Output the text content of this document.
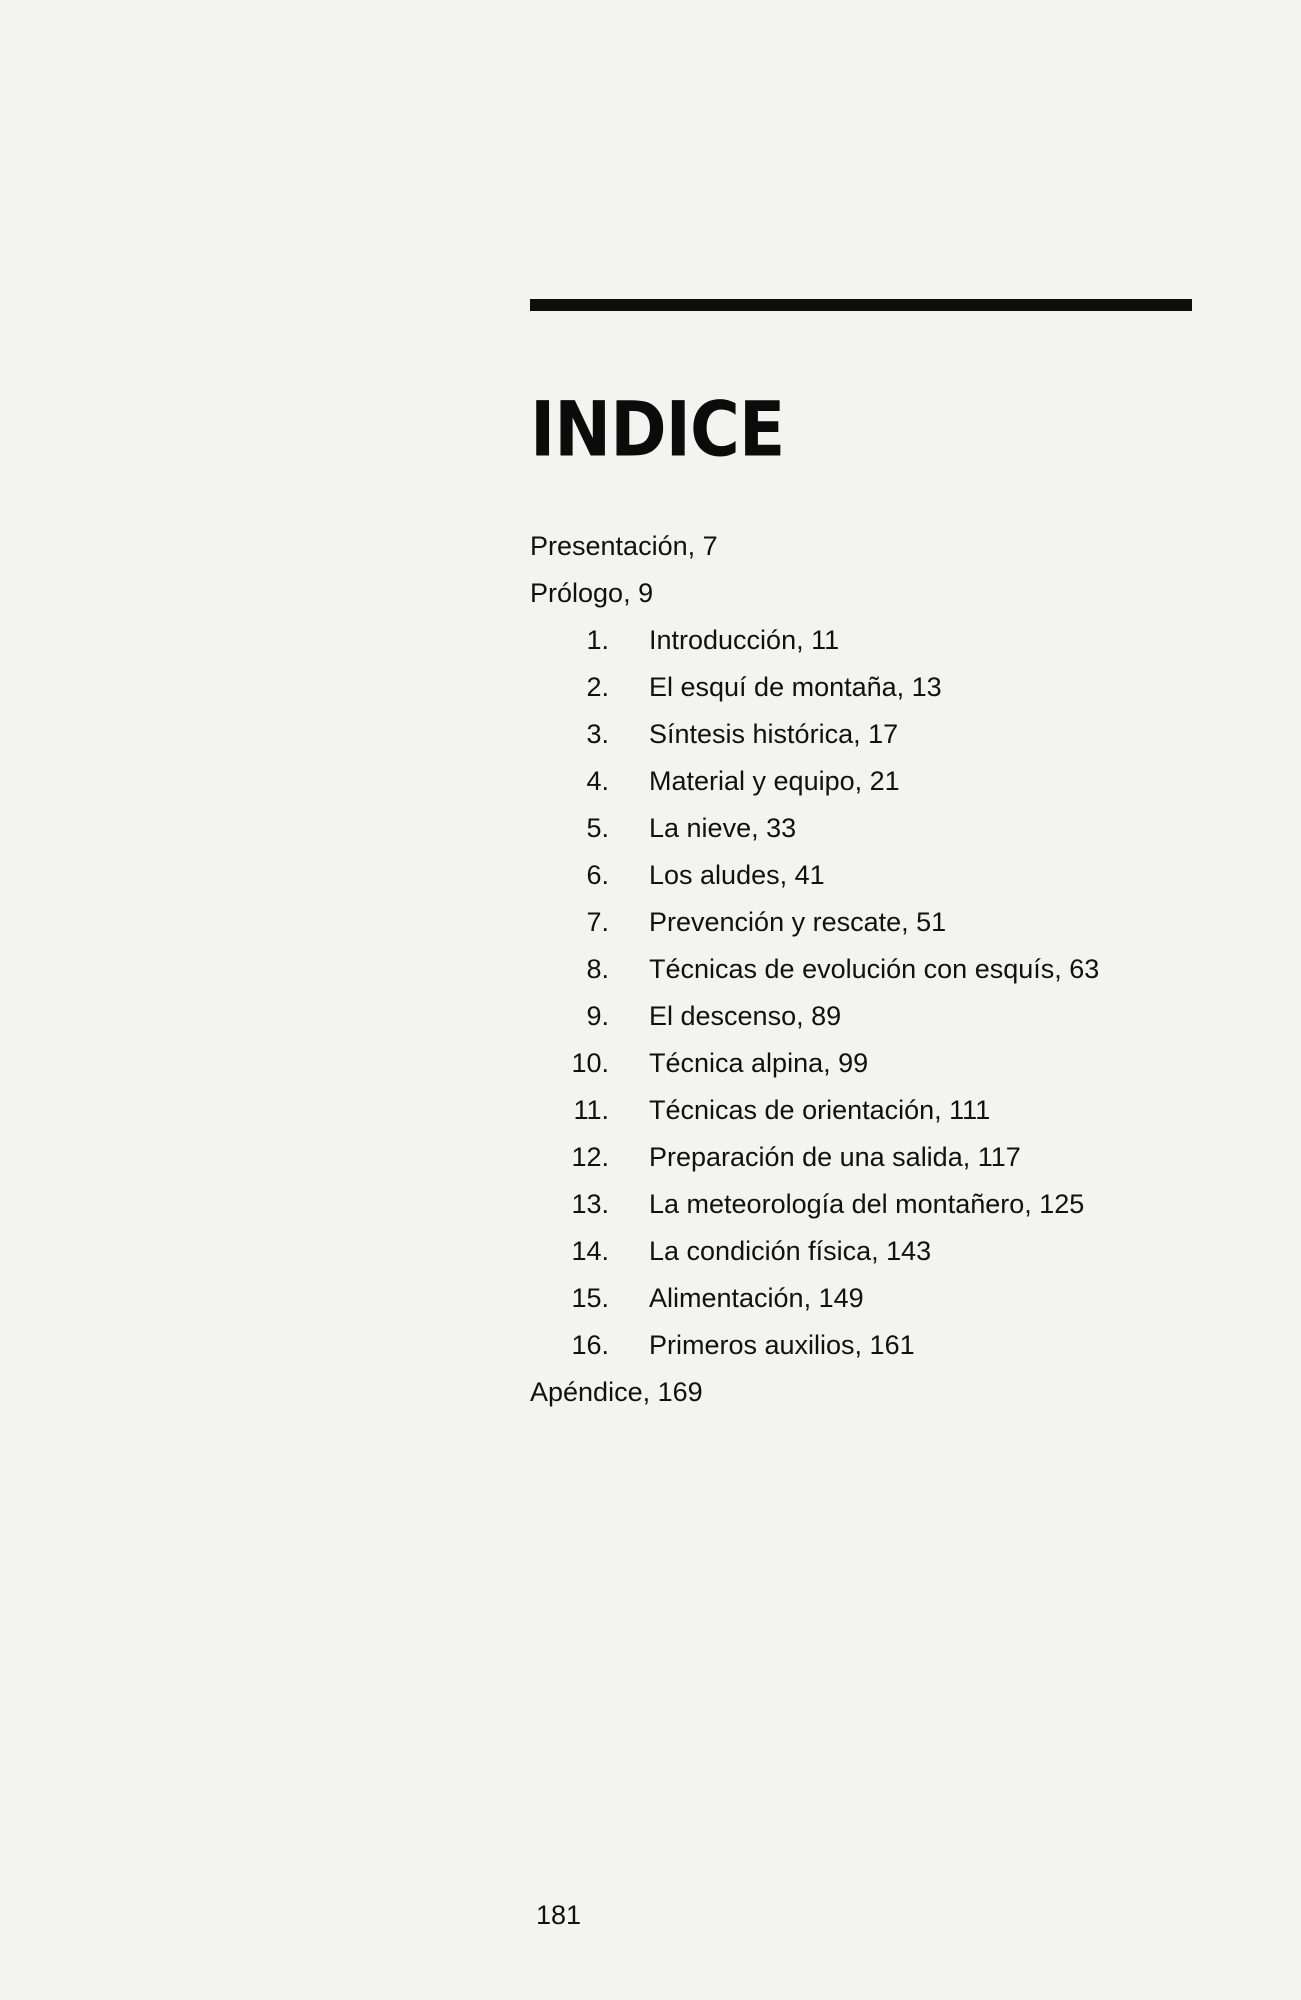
INDICE
Presentación, 7
Prólogo, 9
1. Introducción, 11
2. El esquí de montaña, 13
3. Síntesis histórica, 17
4. Material y equipo, 21
5. La nieve, 33
6. Los aludes, 41
7. Prevención y rescate, 51
8. Técnicas de evolución con esquís, 63
9. El descenso, 89
10. Técnica alpina, 99
11. Técnicas de orientación, 111
12. Preparación de una salida, 117
13. La meteorología del montañero, 125
14. La condición física, 143
15. Alimentación, 149
16. Primeros auxilios, 161
Apéndice, 169
181
